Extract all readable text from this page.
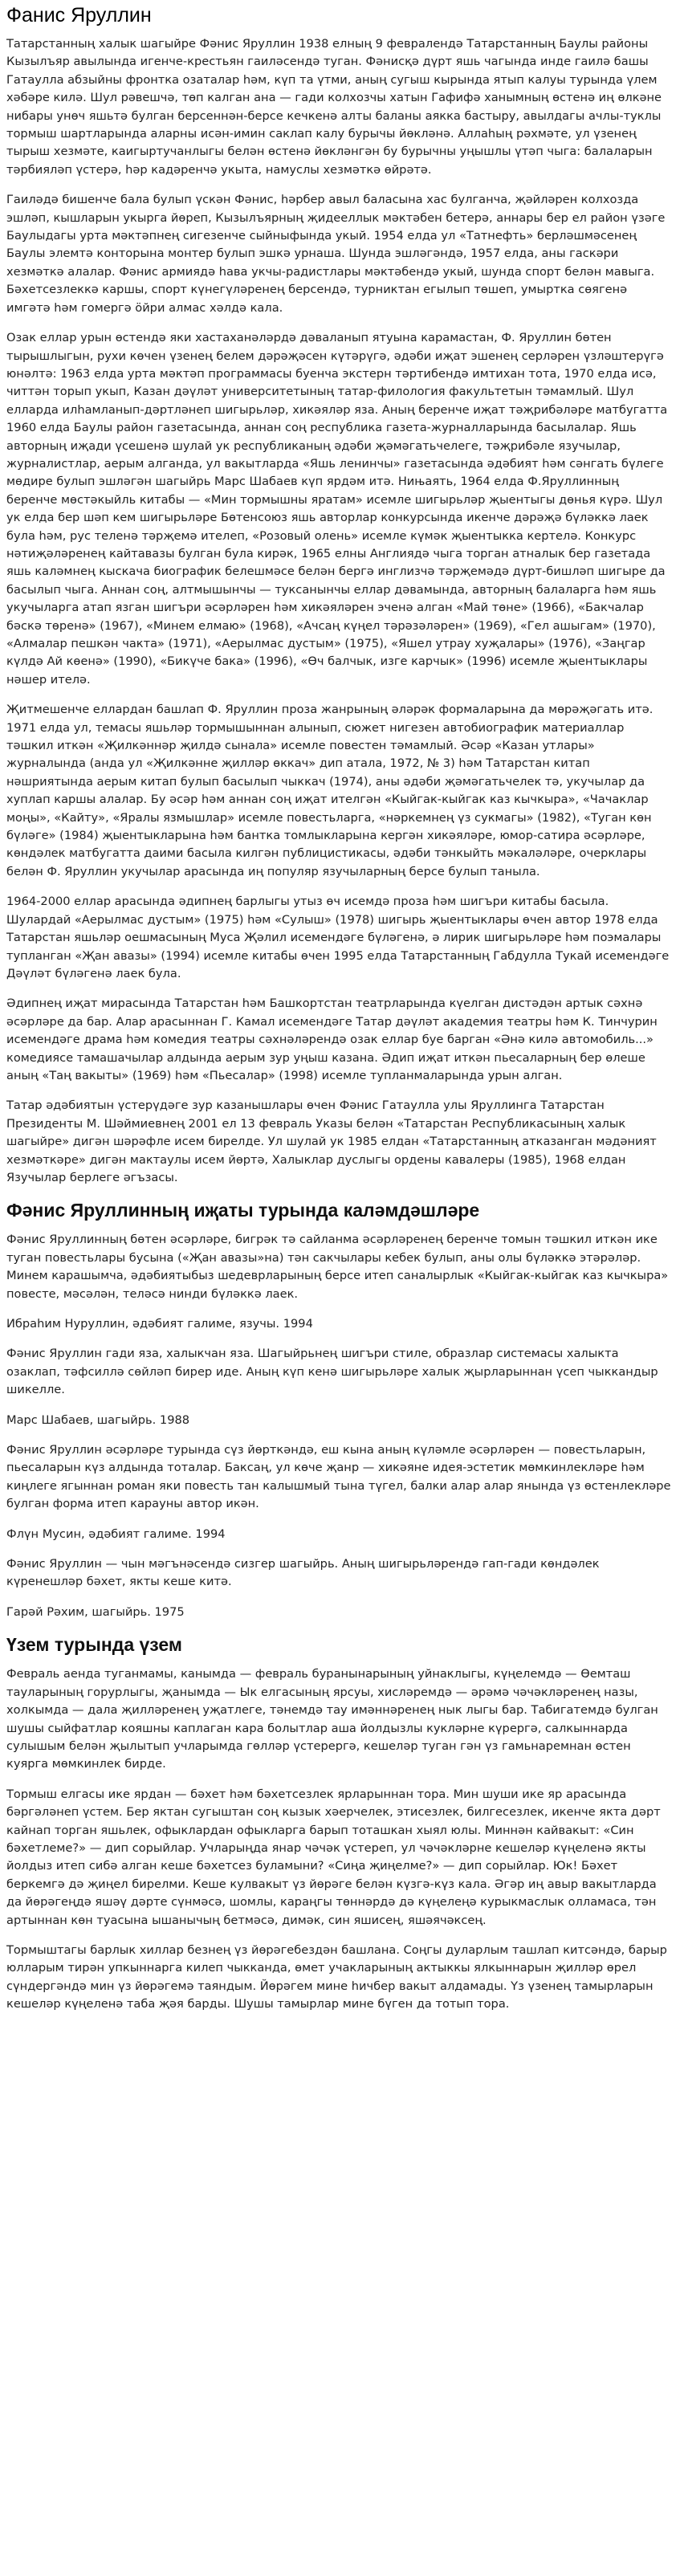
Фанис Яруллин

Татарстанның халык шагыйре Фәнис Яруллин 1938 елның 9 февралендә Татарстанның Баулы районы Кызылъяр авылында игенче-крестьян гаиләсендә туган. Фәнисқә дүрт яшь чагында инде гаилә башы Гатаулла абзыйны фронтка озаталар һәм, күп та үтми, аның сугыш кырында ятып калуы турында үлем хәбәре килә. Шул рәвешчә, төп калган ана — гади колхозчы хатын Гафифә ханымның өстенә иң өлкәне нибары унөч яшьтә булган берсеннән-берсе кечкенә алты баланы аякка бастыру, авылдагы ачлы-туклы тормыш шартларында аларны исән-имин саклап калу бурычы йөкләнә. Аллаһың рәхмәте, ул үзенең тырыш хезмәте, каигыртучанлыгы белән өстенә йөкләнгән бу бурычны уңышлы үтәп чыга: балаларын тәрбияләп үстерә, һәр кадәренчә укыта, намуслы хезмәткә өйрәтә.

Гаиләдә бишенче бала булып үскән Фәнис, һәрбер авыл баласына хас булганча, җәйләрен колхозда эшләп, кышларын укырга йөреп, Кызылъярның җидееллык мәктәбен бетерә, аннары бер ел район үзәге Баулыдагы урта мәктәпнең сигезенче сыйныфында укый. 1954 елда ул «Татнефть» берләшмәсенең Баулы элемтә конторына монтер булып эшкә урнаша. Шунда эшләгәндә, 1957 елда, аны гаскәри хезмәткә алалар. Фәнис армиядә һава укчы-радистлары мәктәбендә укый, шунда спорт белән мавыга. Бәхетсезлеккә каршы, спорт күнегүләренең берсендә, турниктан егылып төшеп, умыртка сөягенә имгәтә һәм гомергә ӧйри алмас хәлдә кала.

Озак еллар урын өстендә яки хастаханәләрдә дәваланып ятуына карамастан, Ф. Яруллин бөтен тырышлыгын, рухи көчен үзенең белем дәрәҗәсен күтәрүгә, әдәби иҗат эшенең серләрен үзләштерүгә юнәлтә: 1963 елда урта мәктәп программасы буенча экстерн тәртибендә имтихан тота, 1970 елда исә, читтән торып укып, Казан дәүләт университетының татар-филология факультетын тәмамлый. Шул елларда илһамланып-дәртләнеп шигырьләр, хикәяләр яза. Аның беренче иҗат тәҗрибәләре матбугатта 1960 елда Баулы район газетасында, аннан соң республика газета-журналларында басылалар. Яшь авторның иҗади үсешенә шулай ук республиканың әдәби җәмәгатьчелеге, тәҗрибәле язучылар, журналистлар, аерым алганда, ул вакытларда «Яшь ленинчы» газетасында әдәбият һәм сәнгать бүлеге мөдире булып эшләгән шагыйрь Марс Шабаев күп ярдәм итә. Нињаять, 1964 елда Ф.Яруллинның беренче мөстәкыйль китабы — «Мин тормышны яратам» исемле шигырьләр җыентыгы дөнья күрә. Шул ук елда бер шәп кем шигырьләре Бөтенсоюз яшь авторлар конкурсында икенче дәрәҗә бүләккә лаек була һәм, рус теленә тәрҗемә ителеп, «Розовый олень» исемле күмәк җыентыкка кертелә. Конкурс нәтиҗәләренең кайтавазы булган була кирәк, 1965 елны Англиядә чыга торган атналык бер газетада яшь каләмнең кыскача биографик белешмәсе белән бергә инглизчә тәрҗемәдә дүрт-бишләп шигыре да басылып чыга. Аннан соң, алтмышынчы — туксанынчы еллар дәвамында, авторның балаларга һәм яшь укучыларга атап язган шигъри әсәрләрен һәм хикәяләрен эченә алган «Май төнe» (1966), «Бакчалар бәскә төренә» (1967), «Минем елмаю» (1968), «Ачсаң күңел тәрәзәләрен» (1969), «Гел ашыгам» (1970), «Алмалар пешкән чакта» (1971), «Аерылмас дустым» (1975), «Яшел утрау хуҗалары» (1976), «Заңгар күлдә Ай көенә» (1990), «Бикүче бака» (1996), «Өч балчык, изге карчык» (1996) исемле җыентыклары нәшер ителә.

Җитмешенче еллардан башлап Ф. Яруллин проза жанрының әләрәк формаларына да мөрәҗәгать итә. 1971 елда ул, темасы яшьләр тормышыннан алынып, сюжет нигезен автобиографик материаллар тәшкил иткән «Җилкәннәр җилдә сынала» исемле повестен тәмамлый. Әсәр «Казан утлары» журналында (анда ул «Җилкәнне җилләр өккач» дип атала, 1972, № 3) һәм Татарстан китап нәшриятында аерым китап булып басылып чыккач (1974), аны әдәби җәмәгатьчелек тә, укучылар да хуплап каршы алалар. Бу әсәр һәм аннан соң иҗат ителгән «Кыйгак-кыйгак каз кычкыра», «Чачаклар моңы», «Кайту», «Яралы язмышлар» исемле повестьларга, «нәркемнең үз сукмагы» (1982), «Туган көн бүләге» (1984) җыентыкларына һәм бантка томлыкларына кергән хикәяләре, юмор-сатира әсәрләре, көндәлек матбугатта даими басыла килгән публицистикасы, әдәби тәнкыйть мәкаләләре, очерклары белән Ф. Яруллин укучылар арасында иң популяр язучыларның берсе булып таныла.

1964-2000 еллар арасында әдипнең барлыгы утыз өч исемдә проза һәм шигъри китабы басыла. Шулардай «Аерылмас дустым» (1975) һәм «Сулыш» (1978) шигырь җыентыклары өчен автор 1978 елда Татарстан яшьләр оешмасының Муса Җәлил исемендәге бүләгенә, ә лирик шигырьләре һәм поэмалары тупланган «Җан авазы» (1994) исемле китабы өчен 1995 елда Татарстанның Габдулла Тукай исемендәге Дәүләт бүләгенә лаек була.

Әдипнең иҗат мирасында Татарстан һәм Башкортстан театрларында күелган дистәдән артык сәхнә әсәрләре да бар. Алар арасыннан Г. Камал исемендәге Татар дәүләт академия театры һәм К. Тинчурин исемендәге драма һәм комедия театры сәхнәләрендә озак еллар буе барган «Әнә килә автомобиль...» комедиясе тамашачылар алдында аерым зур уңыш казана. Әдип иҗат иткән пьесаларның бер өлеше аның «Таң вакыты» (1969) һәм «Пьесалар» (1998) исемле тупланмаларында урын алган.

Татар әдәбиятын үстерүдәге зур казанышлары өчен Фәнис Гатаулла улы Яруллинга Татарстан Президенты М. Шәймиевнең 2001 ел 13 февраль Указы белән «Татарстан Республикасының халык шагыйре» дигән шәрәфле исем бирелде. Ул шулай ук 1985 елдан «Татарстанның атказанган мәдәният хезмәткәре» дигән мактаулы исем йөртә, Халыклар дуслыгы ордены кавалеры (1985), 1968 елдан Язучылар берлеге әгъзасы.

Фәнис Яруллинның иҗаты турында каләмдәшләре

Фәнис Яруллинның бөтен әсәрләре, бигрәк тә сайланма әсәрләренең беренче томын тәшкил иткән ике туган повестьлары бусына («Җан авазы»на) тән сакчылары кебек булып, аны олы бүләккә этәрәләр. Минем карашымча, әдәбиятыбыз шедеврларының берсе итеп саналырлык «Кыйгак-кыйгак каз кычкыра» повесте, мәсәлән, теләсә нинди бүләккә лаек.

Ибраһим Нуруллин, әдәбият галиме, язучы. 1994

Фәнис Яруллин гади яза, халыкчан яза. Шагыйрьнең шигъри стиле, образлар системасы халыкта озаклап, тәфсиллә сөйләп бирер иде. Аның күп кенә шигырьләре халык җырларыннан үсеп чыккандыр шикелле.

Марс Шабаев, шагыйрь. 1988

Фәнис Яруллин әсәрләре турында сүз йөрткәндә, еш кына аның күләмле әсәрләрен — повестьларын, пьесаларын күз алдында тоталар. Баксаң, ул көче җанр — хикәяне идея-эстетик мөмкинлекләре һәм киңлеге ягыннан роман яки повесть тан калышмый тына түгел, балки алар алар янында үз өстенлекләре булган форма итеп карауны автор икән.

Флүн Мусин, әдәбият галиме. 1994

Фәнис Яруллин — чын мәгънәсендә сизгер шагыйрь. Аның шигырьләрендә гап-гади көндәлек күренешләр бәхет, якты кеше китә.

Гарәй Рәхим, шагыйрь. 1975

Үзем турында үзем

Февраль аенда туганмамы, канымда — февраль буранынарының уйнаклыгы, күңелемдә — Өемташ тауларының горурлыгы, җанымда — Ык елгасының ярсуы, хисләремдә — әрәмә чәчәкләренең назы, холкымда — дала җилләренең уҗатлеге, тәнемдә тау имәннәренең нык лыгы бар. Табигатемдә булган шушы сыйфатлар кояшны каплаган кара болытлар аша йолдызлы кукләрне күрергә, салкыннарда сулышым белән җылытып учларымда гөлләр үстерергә, кешеләр туган гән үз гамьнаремнан өстен куярга мөмкинлек бирде.

Тормыш елгасы ике ярдан — бәхет һәм бәхетсезлек ярларыннан тора. Мин шуши ике яр арасында бәргәләнеп үстем. Бер яктан сугыштан соң кызык хәерчелек, этисезлек, билгесезлек, икенче якта дәрт кайнап торган яшьлек, офыклардан офыкларга барып тоташкан хыял юлы. Миннән кайвакыт: «Син бәхетлеме?» — дип сорыйлар. Учларыңда янар чәчәк үстереп, ул чәчәкләрне кешеләр күңеленә якты йолдыз итеп сибә алган кеше бәхетсез буламыни? «Сиңа җиңелме?» — дип сорыйлар. Юк! Бәхет беркемгә дә җиңел бирелми. Кеше кулвакыт үз йөрәге белән күзгә-күз кала. Әгәр иң авыр вакытларда да йөрәгеңдә яшәү дәрте сүнмәсә, шомлы, караңгы төннәрдә дә күңелеңә курыкмаслык олламаса, тән артыннан көн туасына ышанычың бетмәсә, димәк, син яшисең, яшәячәксең.

Тормыштагы барлык хиллар безнең үз йөрәгебездән башлана. Соңгы дуларлым ташлап китсәндә, барыр юлларым тирән упкыннарга килеп чыкканда, өмет учакларының актыккы ялкыннарын җилләр өрел сүндергәндә мин үз йөрәгемә таяндым. Йөрәгем мине һичбер вакыт алдамады. Үз үзенең тамырларын кешеләр күңеленә таба җәя барды. Шушы тамырлар мине бүген да тотып тора.
